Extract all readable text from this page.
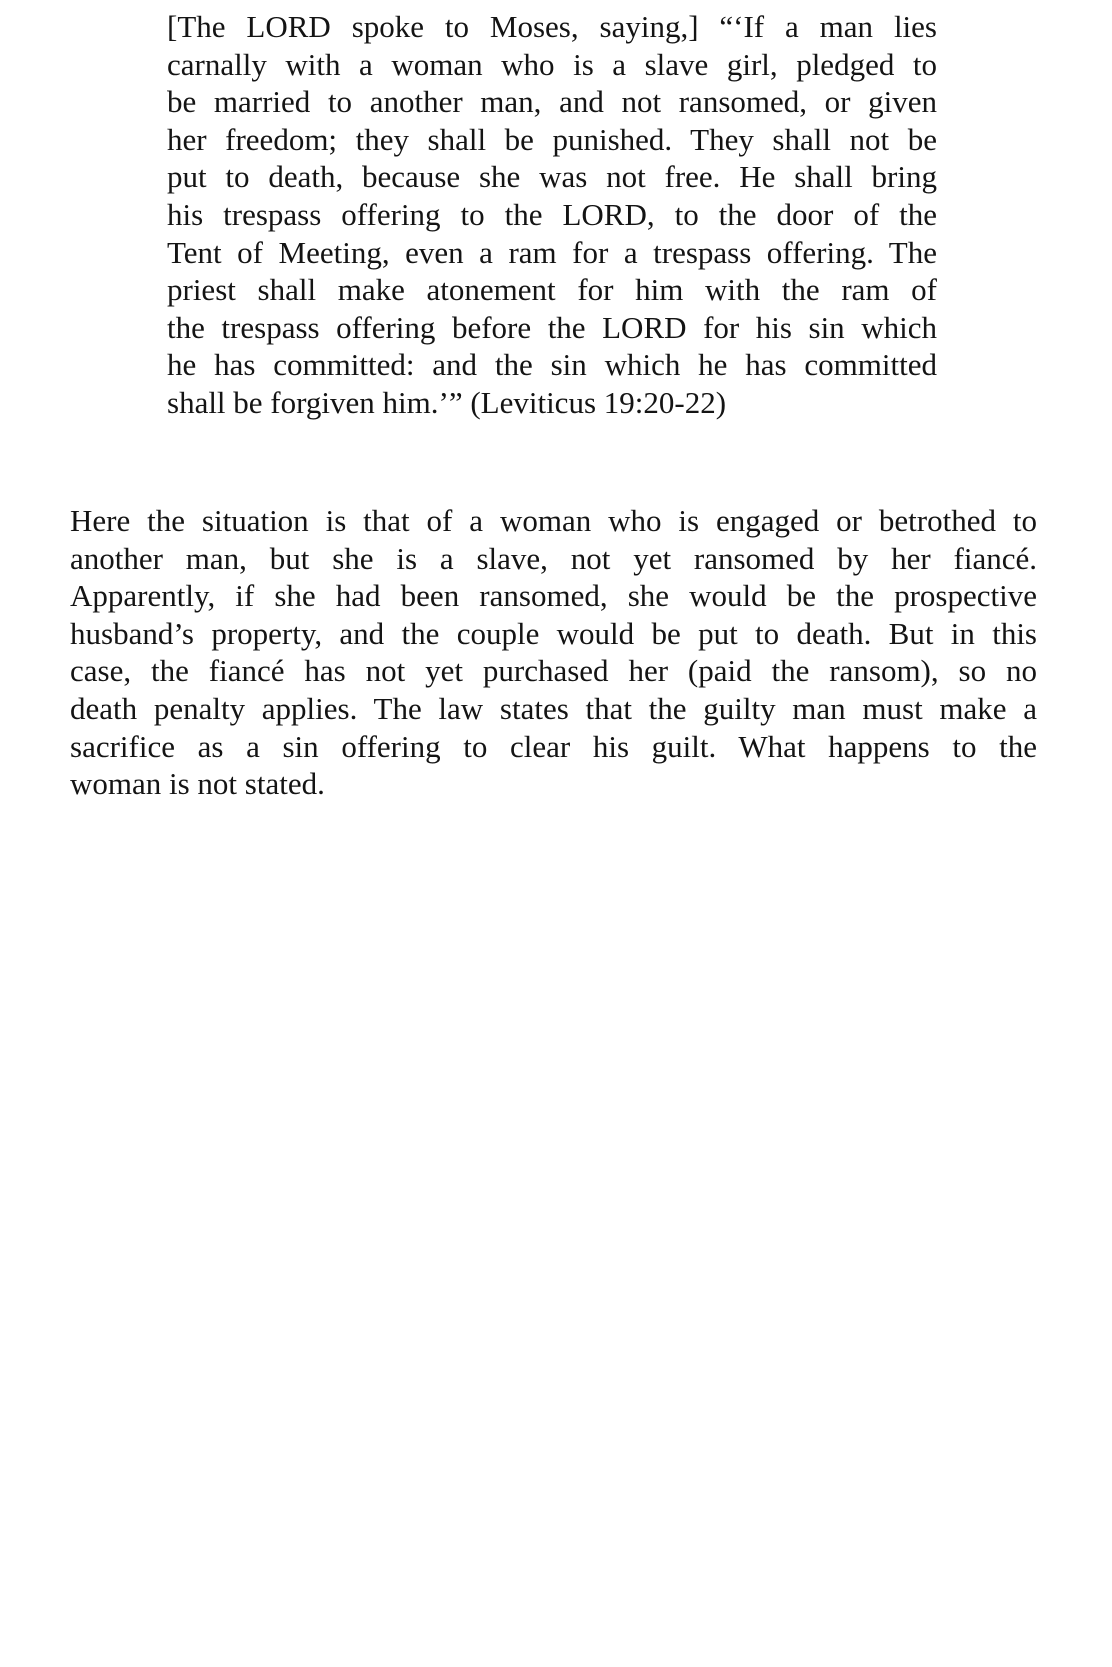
[The LORD spoke to Moses, saying,] “‘If a man lies
carnally with a woman who is a slave girl, pledged to
be married to another man, and not ransomed, or given
her freedom; they shall be punished. They shall not be
put to death, because she was not free. He shall bring
his trespass offering to the LORD, to the door of the
Tent of Meeting, even a ram for a trespass offering. The
priest shall make atonement for him with the ram of
the trespass offering before the LORD for his sin which
he has committed: and the sin which he has committed
shall be forgiven him.’” (Leviticus 19:20-22)

Here the situation is that of a woman who is engaged or betrothed to
another man, but she is a slave, not yet ransomed by her fiancé.
Apparently, if she had been ransomed, she would be the prospective
husband’s property, and the couple would be put to death. But in this
case, the fiancé has not yet purchased her (paid the ransom), so no
death penalty applies. The law states that the guilty man must make a
sacrifice as a sin offering to clear his guilt. What happens to the
woman is not stated.
